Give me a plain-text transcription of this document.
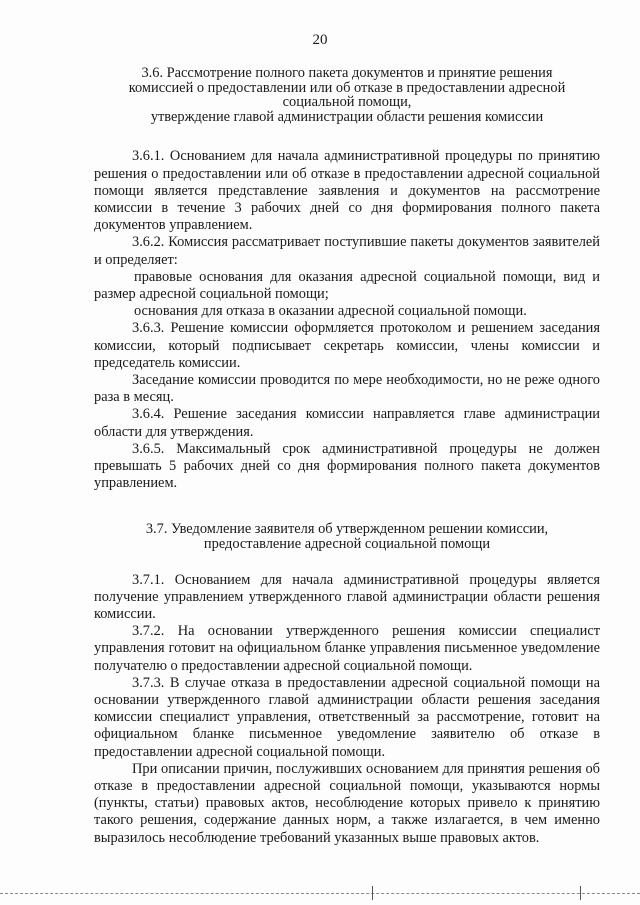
20
3.6. Рассмотрение полного пакета документов и принятие решения
комиссией о предоставлении или об отказе в предоставлении адресной
социальной помощи,
утверждение главой администрации области решения комиссии

3.6.1. Основанием для начала административной процедуры по принятию решения о предоставлении или об отказе в предоставлении адресной социальной помощи является представление заявления и документов на рассмотрение комиссии в течение 3 рабочих дней со дня формирования полного пакета документов управлением.

3.6.2. Комиссия рассматривает поступившие пакеты документов заявителей и определяет:

правовые основания для оказания адресной социальной помощи, вид и размер адресной социальной помощи;

основания для отказа в оказании адресной социальной помощи.

3.6.3. Решение комиссии оформляется протоколом и решением заседания комиссии, который подписывает секретарь комиссии, члены комиссии и председатель комиссии.

Заседание комиссии проводится по мере необходимости, но не реже одного раза в месяц.

3.6.4. Решение заседания комиссии направляется главе администрации области для утверждения.

3.6.5. Максимальный срок административной процедуры не должен превышать 5 рабочих дней со дня формирования полного пакета документов управлением.

3.7. Уведомление заявителя об утвержденном решении комиссии,
предоставление адресной социальной помощи

3.7.1. Основанием для начала административной процедуры является получение управлением утвержденного главой администрации области решения комиссии.

3.7.2. На основании утвержденного решения комиссии специалист управления готовит на официальном бланке управления письменное уведомление получателю о предоставлении адресной социальной помощи.

3.7.3. В случае отказа в предоставлении адресной социальной помощи на основании утвержденного главой администрации области решения заседания комиссии специалист управления, ответственный за рассмотрение, готовит на официальном бланке письменное уведомление заявителю об отказе в предоставлении адресной социальной помощи.

При описании причин, послуживших основанием для принятия решения об отказе в предоставлении адресной социальной помощи, указываются нормы (пункты, статьи) правовых актов, несоблюдение которых привело к принятию такого решения, содержание данных норм, а также излагается, в чем именно выразилось несоблюдение требований указанных выше правовых актов.
